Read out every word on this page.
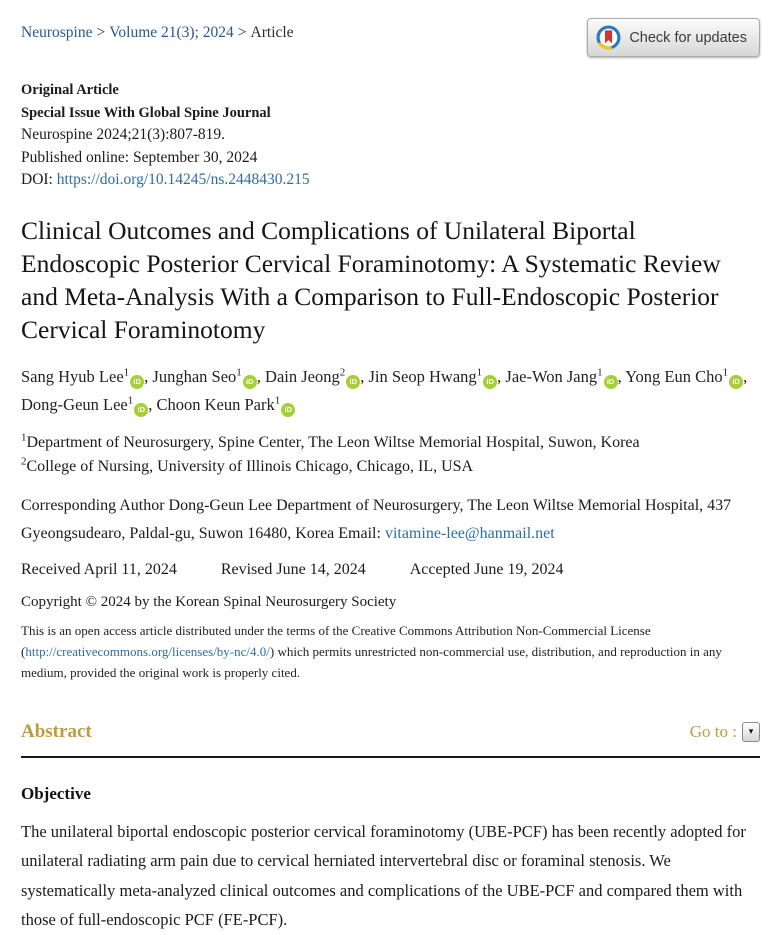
Neurospine > Volume 21(3); 2024 > Article	Check for updates
Original Article
Special Issue With Global Spine Journal
Neurospine 2024;21(3):807-819.
Published online: September 30, 2024
DOI: https://doi.org/10.14245/ns.2448430.215
Clinical Outcomes and Complications of Unilateral Biportal Endoscopic Posterior Cervical Foraminotomy: A Systematic Review and Meta-Analysis With a Comparison to Full-Endoscopic Posterior Cervical Foraminotomy
Sang Hyub Lee$^1$iD , Junghan Seo$^1$iD , Dain Jeong$^2$iD , Jin Seop Hwang$^1$iD , Jae-Won Jang$^1$iD , Yong Eun Cho$^1$iD , Dong-Geun Lee$^1$iD , Choon Keun Park$^1$iD
$^1$Department of Neurosurgery, Spine Center, The Leon Wiltse Memorial Hospital, Suwon, Korea
$^2$College of Nursing, University of Illinois Chicago, Chicago, IL, USA
Corresponding Author Dong-Geun Lee Department of Neurosurgery, The Leon Wiltse Memorial Hospital, 437 Gyeongsudearo, Paldal-gu, Suwon 16480, Korea Email: vitamine-lee@hanmail.net
Received April 11, 2024	Revised June 14, 2024	Accepted June 19, 2024
Copyright © 2024 by the Korean Spinal Neurosurgery Society
This is an open access article distributed under the terms of the Creative Commons Attribution Non-Commercial License (http://creativecommons.org/licenses/by-nc/4.0/) which permits unrestricted non-commercial use, distribution, and reproduction in any medium, provided the original work is properly cited.
Abstract	Go to : ▾
Objective

The unilateral biportal endoscopic posterior cervical foraminotomy (UBE-PCF) has been recently adopted for unilateral radiating arm pain due to cervical herniated intervertebral disc or foraminal stenosis. We systematically meta-analyzed clinical outcomes and complications of the UBE-PCF and compared them with those of full-endoscopic PCF (FE-PCF).
